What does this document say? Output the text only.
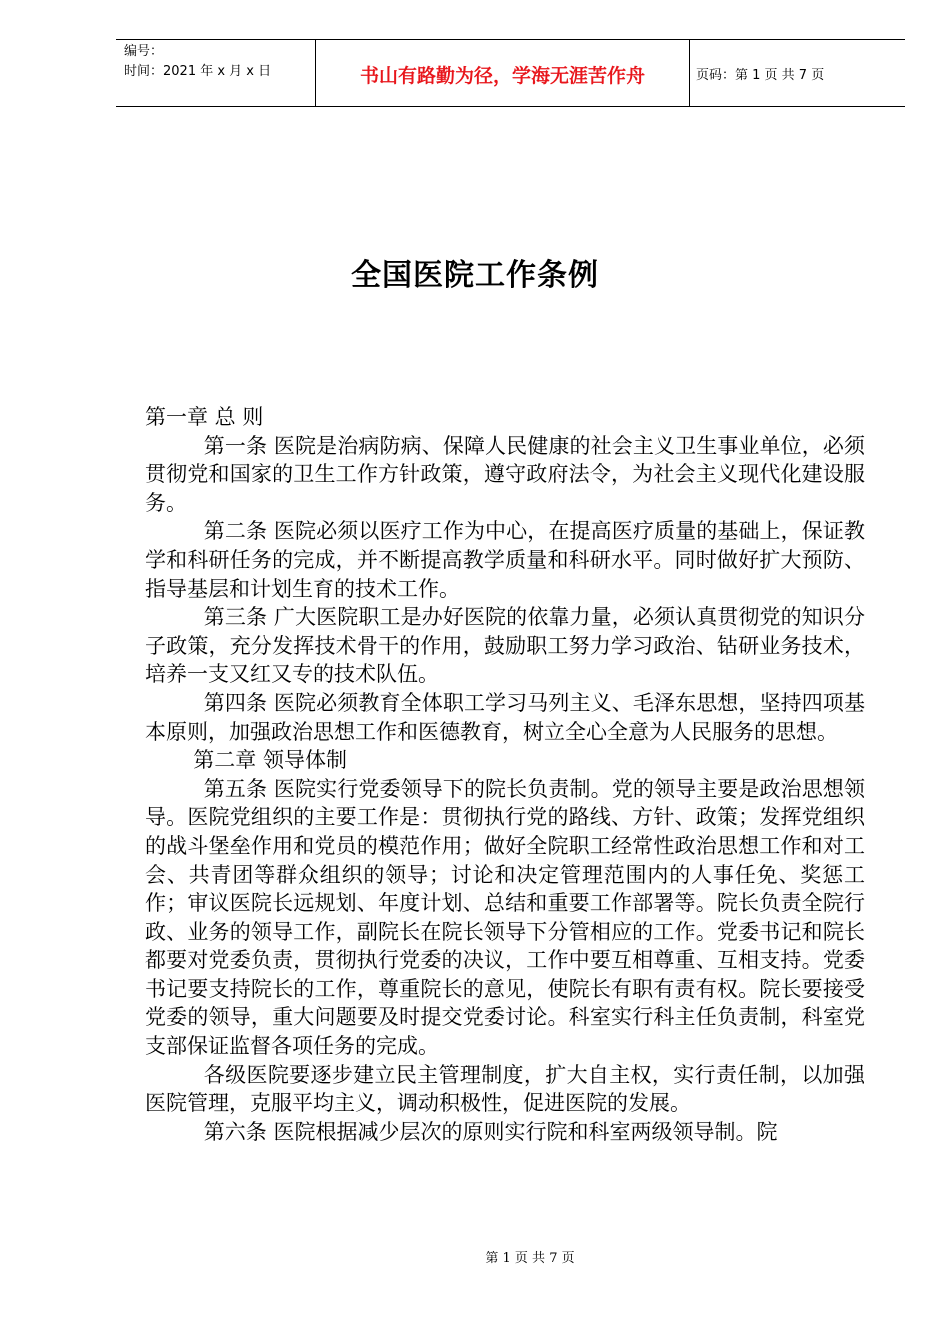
编号：
时间：2021 年 x 月 x 日	书山有路勤为径，学海无涯苦作舟	页码：第 1 页 共 7 页
全国医院工作条例

第一章 总 则

第一条 医院是治病防病、保障人民健康的社会主义卫生事业单位，必须贯彻党和国家的卫生工作方针政策，遵守政府法令，为社会主义现代化建设服务。

第二条 医院必须以医疗工作为中心，在提高医疗质量的基础上，保证教学和科研任务的完成，并不断提高教学质量和科研水平。同时做好扩大预防、指导基层和计划生育的技术工作。

第三条 广大医院职工是办好医院的依靠力量，必须认真贯彻党的知识分子政策，充分发挥技术骨干的作用，鼓励职工努力学习政治、钻研业务技术，培养一支又红又专的技术队伍。

第四条 医院必须教育全体职工学习马列主义、毛泽东思想，坚持四项基本原则，加强政治思想工作和医德教育，树立全心全意为人民服务的思想。

第二章 领导体制

第五条 医院实行党委领导下的院长负责制。党的领导主要是政治思想领导。医院党组织的主要工作是：贯彻执行党的路线、方针、政策；发挥党组织的战斗堡垒作用和党员的模范作用；做好全院职工经常性政治思想工作和对工会、共青团等群众组织的领导；讨论和决定管理范围内的人事任免、奖惩工作；审议医院长远规划、年度计划、总结和重要工作部署等。院长负责全院行政、业务的领导工作，副院长在院长领导下分管相应的工作。党委书记和院长都要对党委负责，贯彻执行党委的决议，工作中要互相尊重、互相支持。党委书记要支持院长的工作，尊重院长的意见，使院长有职有责有权。院长要接受党委的领导，重大问题要及时提交党委讨论。科室实行科主任负责制，科室党支部保证监督各项任务的完成。

各级医院要逐步建立民主管理制度，扩大自主权，实行责任制，以加强医院管理，克服平均主义，调动积极性，促进医院的发展。

第六条 医院根据减少层次的原则实行院和科室两级领导制。院

第 1 页 共 7 页
